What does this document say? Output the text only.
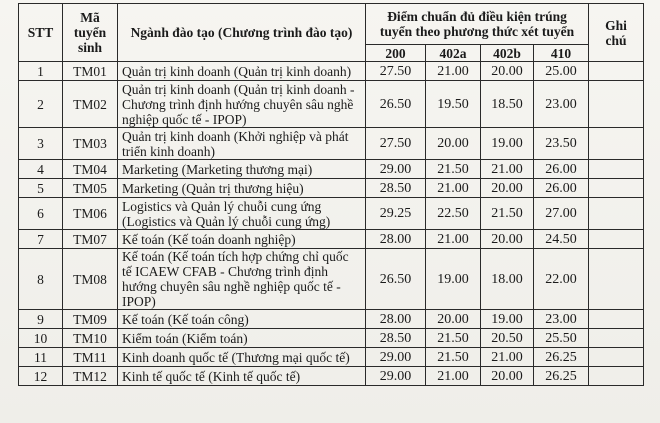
STT	Mã tuyển sinh	Ngành đào tạo (Chương trình đào tạo)	Điểm chuẩn đủ điều kiện trúng tuyển theo phương thức xét tuyển				Ghi chú
			200	402a	402b	410	
1	TM01	Quản trị kinh doanh (Quản trị kinh doanh)	27.50	21.00	20.00	25.00	
2	TM02	Quản trị kinh doanh (Quản trị kinh doanh - Chương trình định hướng chuyên sâu nghề nghiệp quốc tế - IPOP)	26.50	19.50	18.50	23.00	
3	TM03	Quản trị kinh doanh (Khởi nghiệp và phát triển kinh doanh)	27.50	20.00	19.00	23.50	
4	TM04	Marketing (Marketing thương mại)	29.00	21.50	21.00	26.00	
5	TM05	Marketing (Quản trị thương hiệu)	28.50	21.00	20.00	26.00	
6	TM06	Logistics và Quản lý chuỗi cung ứng (Logistics và Quản lý chuỗi cung ứng)	29.25	22.50	21.50	27.00	
7	TM07	Kế toán (Kế toán doanh nghiệp)	28.00	21.00	20.00	24.50	
8	TM08	Kế toán (Kế toán tích hợp chứng chỉ quốc tế ICAEW CFAB - Chương trình định hướng chuyên sâu nghề nghiệp quốc tế - IPOP)	26.50	19.00	18.00	22.00	
9	TM09	Kế toán (Kế toán công)	28.00	20.00	19.00	23.00	
10	TM10	Kiểm toán (Kiểm toán)	28.50	21.50	20.50	25.50	
11	TM11	Kinh doanh quốc tế (Thương mại quốc tế)	29.00	21.50	21.00	26.25	
12	TM12	Kinh tế quốc tế (Kinh tế quốc tế)	29.00	21.00	20.00	26.25	
